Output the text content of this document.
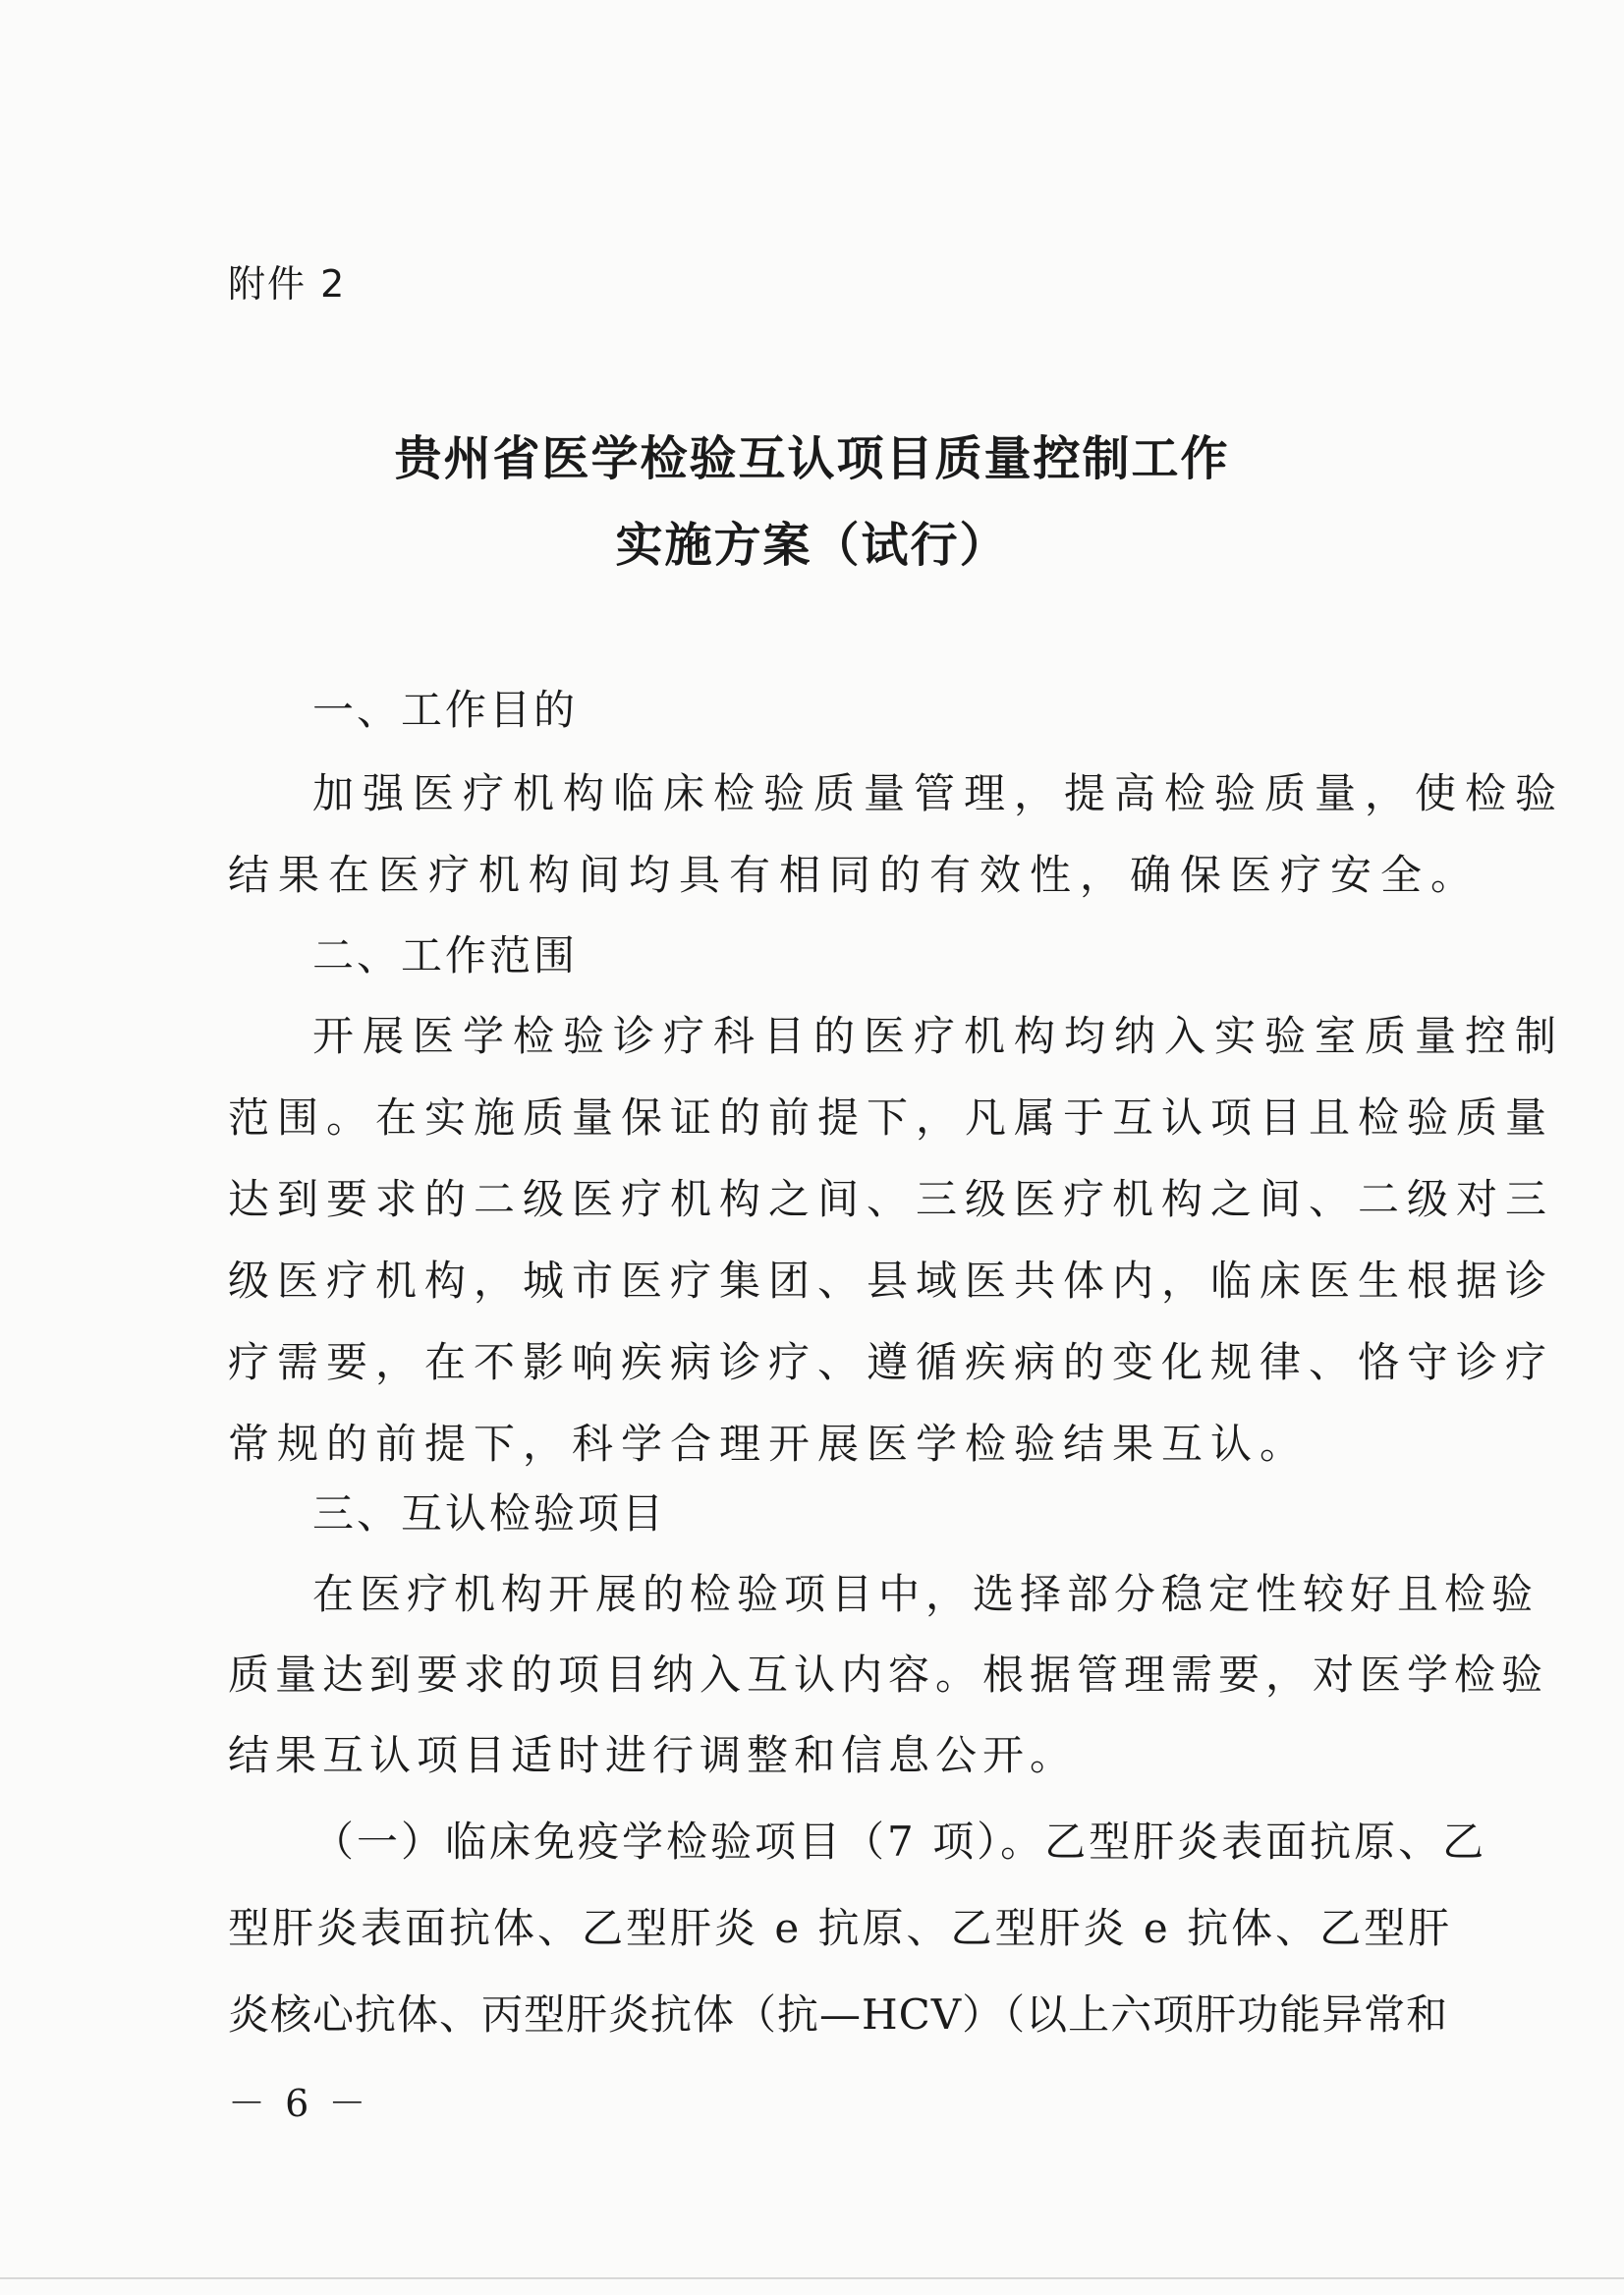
附件 2
贵州省医学检验互认项目质量控制工作
实施方案（试行）
一、工作目的
加强医疗机构临床检验质量管理，提高检验质量，使检验
结果在医疗机构间均具有相同的有效性，确保医疗安全。
二、工作范围
开展医学检验诊疗科目的医疗机构均纳入实验室质量控制
范围。在实施质量保证的前提下，凡属于互认项目且检验质量
达到要求的二级医疗机构之间、三级医疗机构之间、二级对三
级医疗机构，城市医疗集团、县域医共体内，临床医生根据诊
疗需要，在不影响疾病诊疗、遵循疾病的变化规律、恪守诊疗
常规的前提下，科学合理开展医学检验结果互认。
三、互认检验项目
在医疗机构开展的检验项目中，选择部分稳定性较好且检验
质量达到要求的项目纳入互认内容。根据管理需要，对医学检验
结果互认项目适时进行调整和信息公开。
（一）临床免疫学检验项目（7 项）。乙型肝炎表面抗原、乙
型肝炎表面抗体、乙型肝炎 e 抗原、乙型肝炎 e 抗体、乙型肝
炎核心抗体、丙型肝炎抗体（抗—HCV）（以上六项肝功能异常和
－ 6 －
